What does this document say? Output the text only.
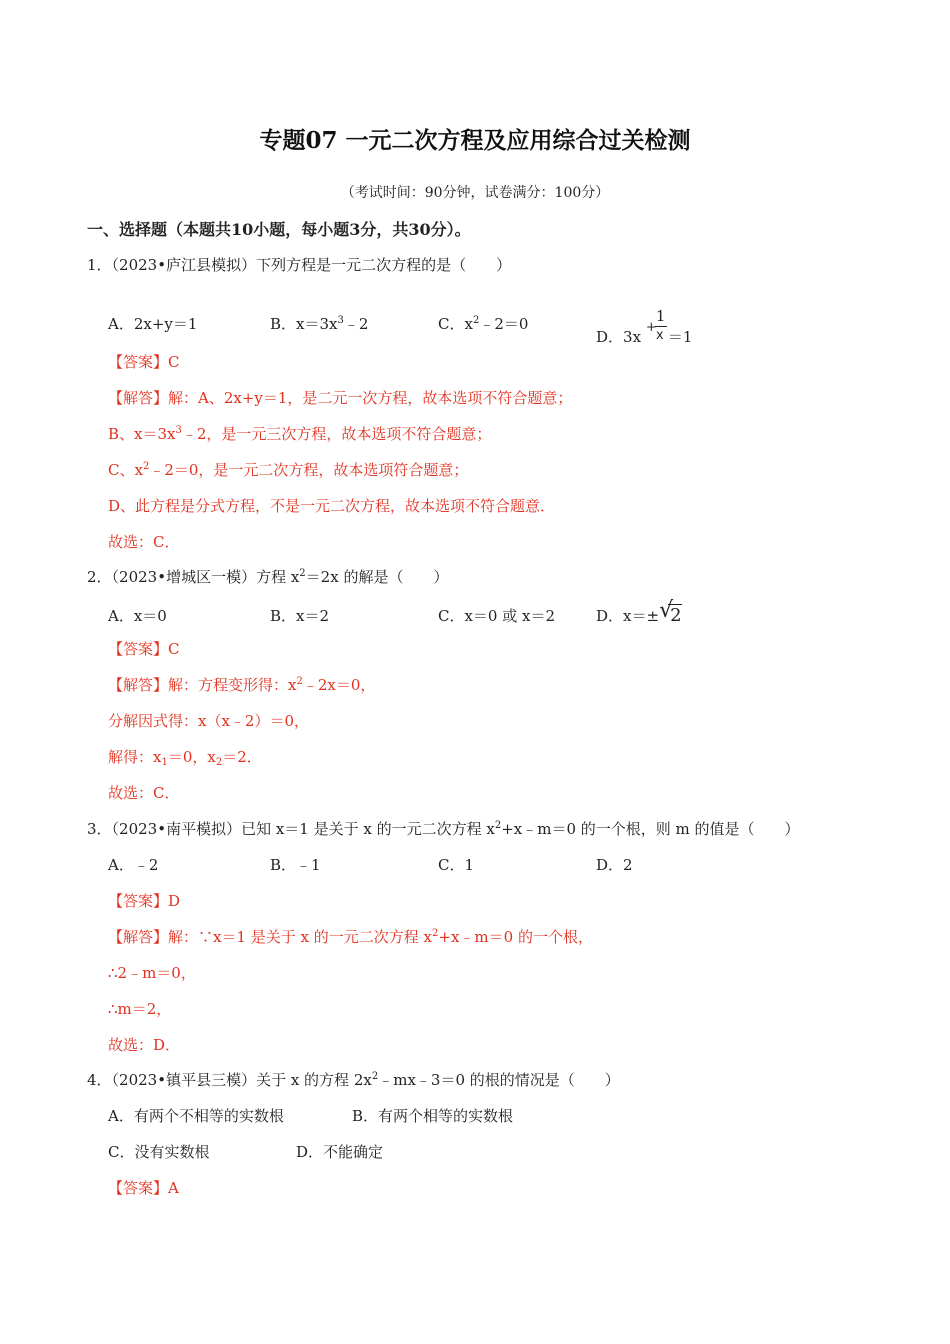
专题07 一元二次方程及应用综合过关检测
（考试时间：90分钟，试卷满分：100分）
一、选择题（本题共10小题，每小题3分，共30分）。
1．（2023•庐江县模拟）下列方程是一元二次方程的是（　　）
A．2x+y＝1	B．$x=3x^3﹣2$	C．$x^2﹣2=0$
D．3x
+
1
x ＝1
【答案】C
【解答】解：A、2x+y＝1，是二元一次方程，故本选项不符合题意；
B、$x=3x^3﹣2$，是一元三次方程，故本选项不符合题意；
C、$x^2﹣2=0$，是一元二次方程，故本选项符合题意；
D、此方程是分式方程，不是一元二次方程，故本选项不符合题意．
故选：C．
2．（2023•增城区一模）方程 $x^2=2x$ 的解是（　　）
A．x＝0	B．x＝2	C．x＝0 或 x＝2	D．x＝± √
2
【答案】C
【解答】解：方程变形得：$x^2﹣2x=0$，
分解因式得：x（x﹣2）＝0，
解得：$x_1=0$，$x_2=2$．
故选：C．
3．（2023•南平模拟）已知 x＝1 是关于 x 的一元二次方程 $x^2+x﹣m=0$ 的一个根，则 m 的值是（　　）
A．﹣2	B．﹣1	C．1	D．2
【答案】D
【解答】解：∵x＝1 是关于 x 的一元二次方程 $x^2+x﹣m=0$ 的一个根，
∴2﹣m＝0，
∴m＝2，
故选：D．
4．（2023•镇平县三模）关于 x 的方程 $2x^2﹣mx﹣3=0$ 的根的情况是（　　）
A．有两个不相等的实数根	B．有两个相等的实数根
C．没有实数根	D．不能确定
【答案】A
